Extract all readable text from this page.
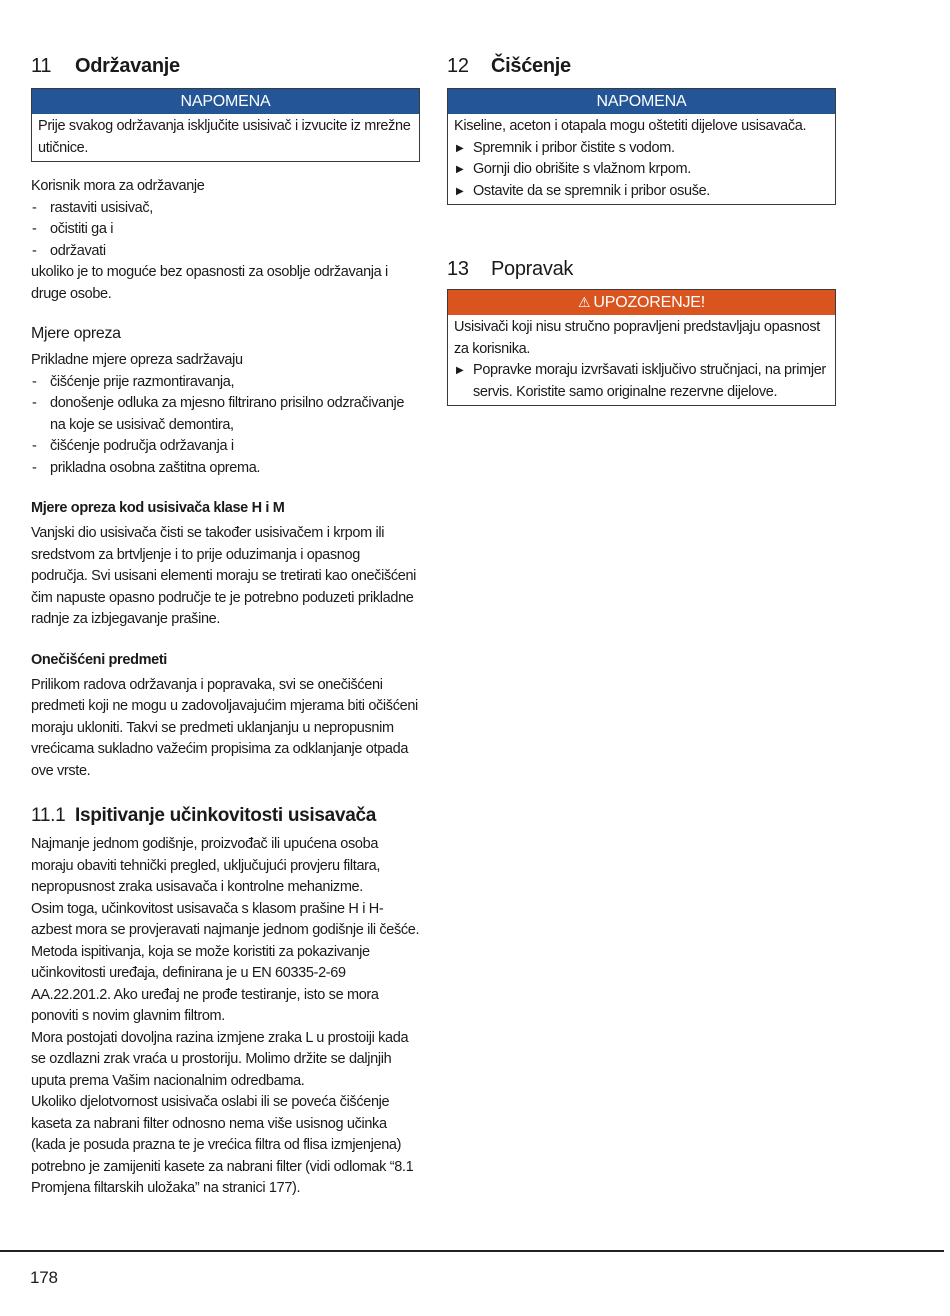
11	Održavanje
NAPOMENA

Prije svakog održavanja isključite usisivač i izvucite iz mrežne utičnice.

Korisnik mora za održavanje

- rastaviti usisivač,
- očistiti ga i
- održavati

ukoliko je to moguće bez opasnosti za osoblje održavanja i druge osobe.

Mjere opreza

Prikladne mjere opreza sadržavaju

- čišćenje prije razmontiravanja,
- donošenje odluka za mjesno filtrirano prisilno odzračivanje na koje se usisivač demontira,
- čišćenje područja održavanja i
- prikladna osobna zaštitna oprema.

Mjere opreza kod usisivača klase H i M

Vanjski dio usisivača čisti se također usisivačem i krpom ili sredstvom za brtvljenje i to prije oduzimanja i opasnog područja. Svi usisani elementi moraju se tretirati kao onečišćeni čim napuste opasno područje te je potrebno poduzeti prikladne radnje za izbjegavanje prašine.

Onečišćeni predmeti

Prilikom radova održavanja i popravaka, svi se onečišćeni predmeti koji ne mogu u zadovoljavajućim mjerama biti očišćeni moraju ukloniti. Takvi se predmeti uklanjanju u nepropusnim vrećicama sukladno važećim propisima za odklanjanje otpada ove vrste.

11.1 Ispitivanje učinkovitosti usisavača

Najmanje jednom godišnje, proizvođač ili upućena osoba moraju obaviti tehnički pregled, uključujući provjeru filtara, nepropusnost zraka usisavača i kontrolne mehanizme.

Osim toga, učinkovitost usisavača s klasom prašine H i H-azbest mora se provjeravati najmanje jednom godišnje ili češće. Metoda ispitivanja, koja se može koristiti za pokazivanje učinkovitosti uređaja, definirana je u EN 60335-2-69 AA.22.201.2. Ako uređaj ne prođe testiranje, isto se mora ponoviti s novim glavnim filtrom.

Mora postojati dovoljna razina izmjene zraka L u prostoiji kada se ozdlazni zrak vraća u prostoriju. Molimo držite se daljnjih uputa prema Vašim nacionalnim odredbama.

Ukoliko djelotvornost usisivača oslabi ili se poveća čišćenje kaseta za nabrani filter odnosno nema više usisnog učinka (kada je posuda prazna te je vrećica filtra od flisa izmjenjena) potrebno je zamijeniti kasete za nabrani filter (vidi odlomak “8.1 Promjena filtarskih uložaka” na stranici 177).

12	Čišćenje
NAPOMENA

Kiseline, aceton i otapala mogu oštetiti dijelove usisavača.

▶ Spremnik i pribor čistite s vodom.
▶ Gornji dio obrišite s vlažnom krpom.
▶ Ostavite da se spremnik i pribor osuše.
13	Popravak
⚠ UPOZORENJE!

Usisivači koji nisu stručno popravljeni predstavljaju opasnost za korisnika.

▶ Popravke moraju izvršavati isključivo stručnjaci, na primjer servis. Koristite samo originalne rezervne dijelove.
178
